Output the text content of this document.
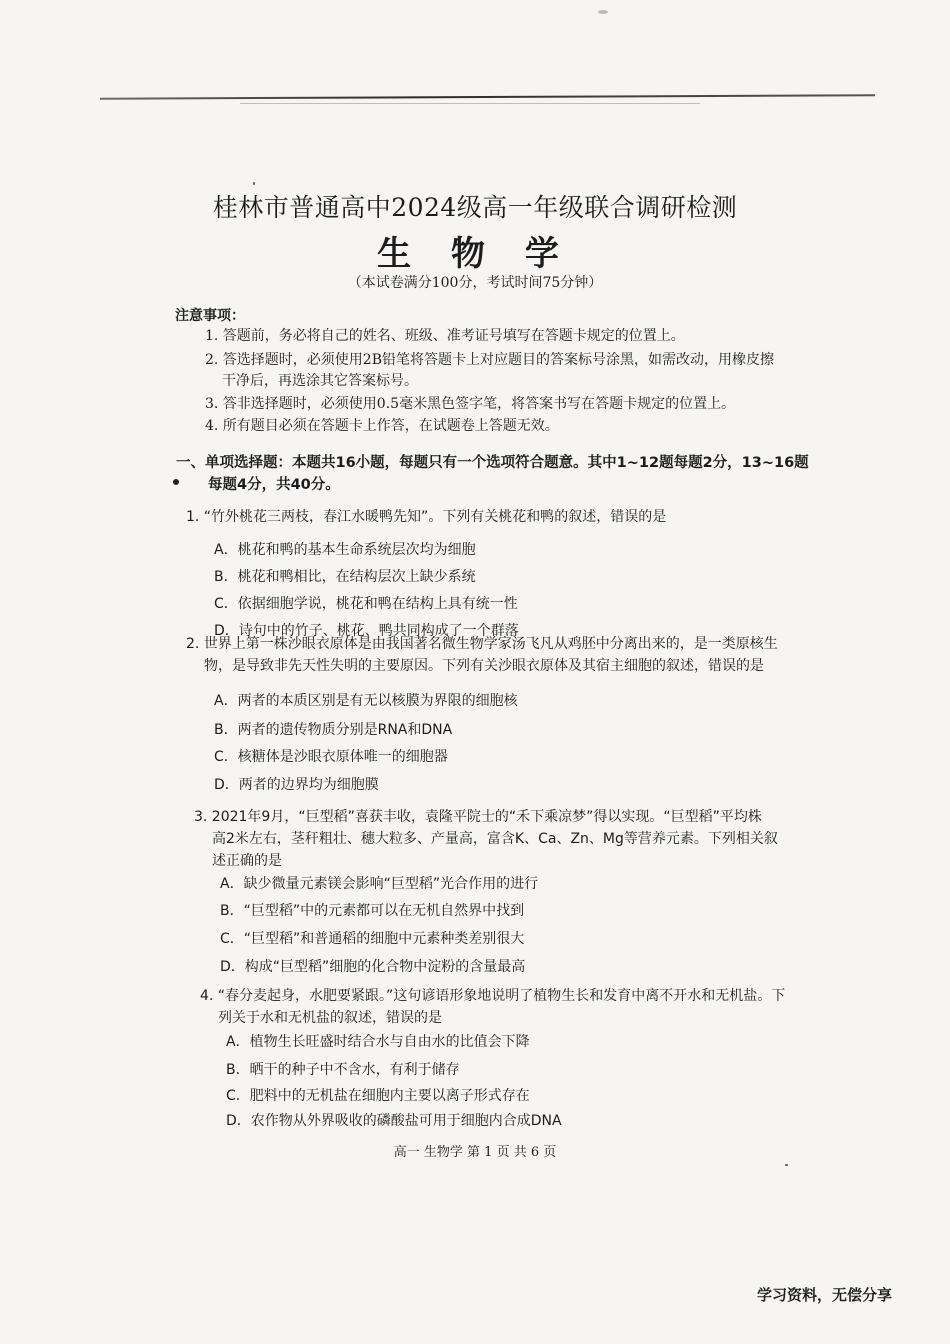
桂林市普通高中2024级高一年级联合调研检测
生 物 学
（本试卷满分100分，考试时间75分钟）
注意事项：
1. 答题前，务必将自己的姓名、班级、准考证号填写在答题卡规定的位置上。
2. 答选择题时，必须使用2B铅笔将答题卡上对应题目的答案标号涂黑，如需改动，用橡皮擦
干净后，再选涂其它答案标号。
3. 答非选择题时，必须使用0.5毫米黑色签字笔，将答案书写在答题卡规定的位置上。
4. 所有题目必须在答题卡上作答，在试题卷上答题无效。
一、单项选择题：本题共16小题，每题只有一个选项符合题意。其中1~12题每题2分，13~16题
每题4分，共40分。
1. “竹外桃花三两枝，春江水暖鸭先知”。下列有关桃花和鸭的叙述，错误的是
A．桃花和鸭的基本生命系统层次均为细胞
B．桃花和鸭相比，在结构层次上缺少系统
C．依据细胞学说，桃花和鸭在结构上具有统一性
D．诗句中的竹子、桃花、鸭共同构成了一个群落
2. 世界上第一株沙眼衣原体是由我国著名微生物学家汤飞凡从鸡胚中分离出来的，是一类原核生
物，是导致非先天性失明的主要原因。下列有关沙眼衣原体及其宿主细胞的叙述，错误的是
A．两者的本质区别是有无以核膜为界限的细胞核
B．两者的遗传物质分别是RNA和DNA
C．核糖体是沙眼衣原体唯一的细胞器
D．两者的边界均为细胞膜
3. 2021年9月，“巨型稻”喜获丰收，袁隆平院士的“禾下乘凉梦”得以实现。“巨型稻”平均株
高2米左右，茎秆粗壮、穗大粒多、产量高，富含K、Ca、Zn、Mg等营养元素。下列相关叙
述正确的是
A．缺少微量元素镁会影响“巨型稻”光合作用的进行
B．“巨型稻”中的元素都可以在无机自然界中找到
C．“巨型稻”和普通稻的细胞中元素种类差别很大
D．构成“巨型稻”细胞的化合物中淀粉的含量最高
4. “春分麦起身，水肥要紧跟。”这句谚语形象地说明了植物生长和发育中离不开水和无机盐。下
列关于水和无机盐的叙述，错误的是
A．植物生长旺盛时结合水与自由水的比值会下降
B．晒干的种子中不含水，有利于储存
C．肥料中的无机盐在细胞内主要以离子形式存在
D．农作物从外界吸收的磷酸盐可用于细胞内合成DNA
高一 生物学 第 1 页 共 6 页
学习资料，无偿分享
